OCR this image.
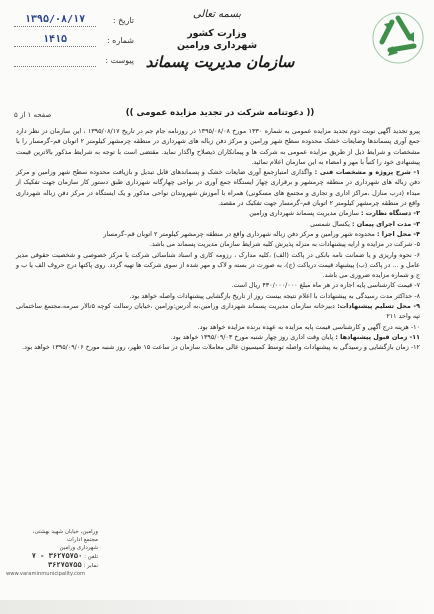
تاریخ :
۱۳۹۵/۰۸/۱۷
شماره :
۱۴۱۵
پیوست :
بسمه تعالی
وزارت کشور
شهرداری ورامین
سازمان مدیریت پسماند
صفحه ۱ از ۵	(( دعوتنامه شرکت در تجدید مزایده عمومی ))

پیرو تجدید آگهی نوبت دوم تجدید مزایده عمومی به شماره ۱۳۳۰ مورخ ۱۳۹۵/۰۸/۰۸ در روزنامه جام جم در تاریخ ۱۳۹۵/۰۸/۱۷ ، این سازمان در نظر دارد جمع آوری پسماندها وضایعات خشک محدوده سطح شهر ورامین و مرکز دفن زباله های شهرداری در منطقه چرمشهر کیلومتر ۲ اتوبان قم–گرمسار را با مشخصات و شرایط ذیل از طریق مزایده عمومی به شرکت ها و پیمانکاران ذیصلاح واگذار نماید. مقتضی است با توجه به شرایط مذکور بالاترین قیمت پیشنهادی خود را کتباً با مهر و امضاء به این سازمان اعلام نمائید.

۱- شرح پروژه و مشخصات فنی : واگذاری امتیازجمع آوری ضایعات خشک و پسماندهای قابل تبدیل و بازیافت محدوده سطح شهر ورامین و مرکز دفن زباله های شهرداری در منطقه چرمشهر و برقراری چهار ایستگاه جمع آوری در نواحی چهارگانه شهرداری طبق دستور کار سازمان جهت تفکیک از مبداء (درب منازل ،مراکز اداری و تجاری و مجتمع های مسکونی) همراه با آموزش شهروندان نواحی مذکور و یک ایستگاه در مرکز دفن زباله شهرداری واقع در منطقه چرمشهر کیلومتر ۲ اتوبان قم–گرمسار جهت تفکیک در مقصد.

۲- دستگاه نظارت : سازمان مدیریت پسماند شهرداری ورامین

۳- مدت اجرای پیمان : یکسال شمسی

۴- محل اجرا : محدوده شهر ورامین و مرکز دفن زباله شهرداری واقع در منطقه چرمشهر کیلومتر ۲ اتوبان قم–گرمسار

۵- شرکت در مزایده و ارایه پیشنهادات به منزله پذیرش کلیه شرایط سازمان مدیریت پسماند می باشد.

۶- نحوه واریزی و یا ضمانت نامه بانکی در پاکت (الف) ،کلیه مدارک ، رزومه کاری و اسناد شناسائی شرکت یا مرکز خصوصی و شخصیت حقوقی مدیر عامل و … در پاکت (ب) پیشنهاد قیمت دریاکت (ج)، به صورت در بسته و لاک و مهر شده از سوی شرکت ها تهیه گردد. روی پاکتها درج حروف الف یا ب و ج و شماره مزایده ضروری می باشد.

۷- قیمت کارشناسی پایه اجاره در هر ماه مبلغ ۴۳۰/۰۰۰/۰۰۰ ریال است.

۸- حداکثر مدت رسیدگی به پیشنهادات با اعلام نتیجه بیست روز از تاریخ بازگشایی پیشنهادات واصله خواهد بود.

۹- محل تسلیم پیشنهادات: دبیرخانه سازمان مدیریت پسماند شهرداری ورامین،به آدرس:ورامین ،خیابان رسالت کوچه ۵تالار سرمه،مجتمع ساختمانی تپه واحد ۲۱۱

۱۰- هزینه درج آگهی و کارشناسی قیمت پایه مزایده به عهده برنده مزایده خواهد بود.

۱۱- زمان قبول پیشنهادها : پایان وقت اداری روز چهار شنبه مورخ ۱۳۹۵/۰۹/۰۳ خواهد بود.

۱۲- زمان بازگشایی و رسیدگی به پیشنهادات واصله توسط کمیسیون عالی معاملات سازمان در ساعت ۱۵ ظهر، روز شنبه مورخ ۱۳۹۵/۰۹/۰۶ خواهد بود.

ورامین، خیابان شهید بهشتی،
مجتمع ادارات
شهرداری ورامین
تلفن : ۳۶۲۷۵۷۵۰ - ۷
نمابر : ۳۶۲۷۵۷۵۵
www.varaminmunicipality.com
